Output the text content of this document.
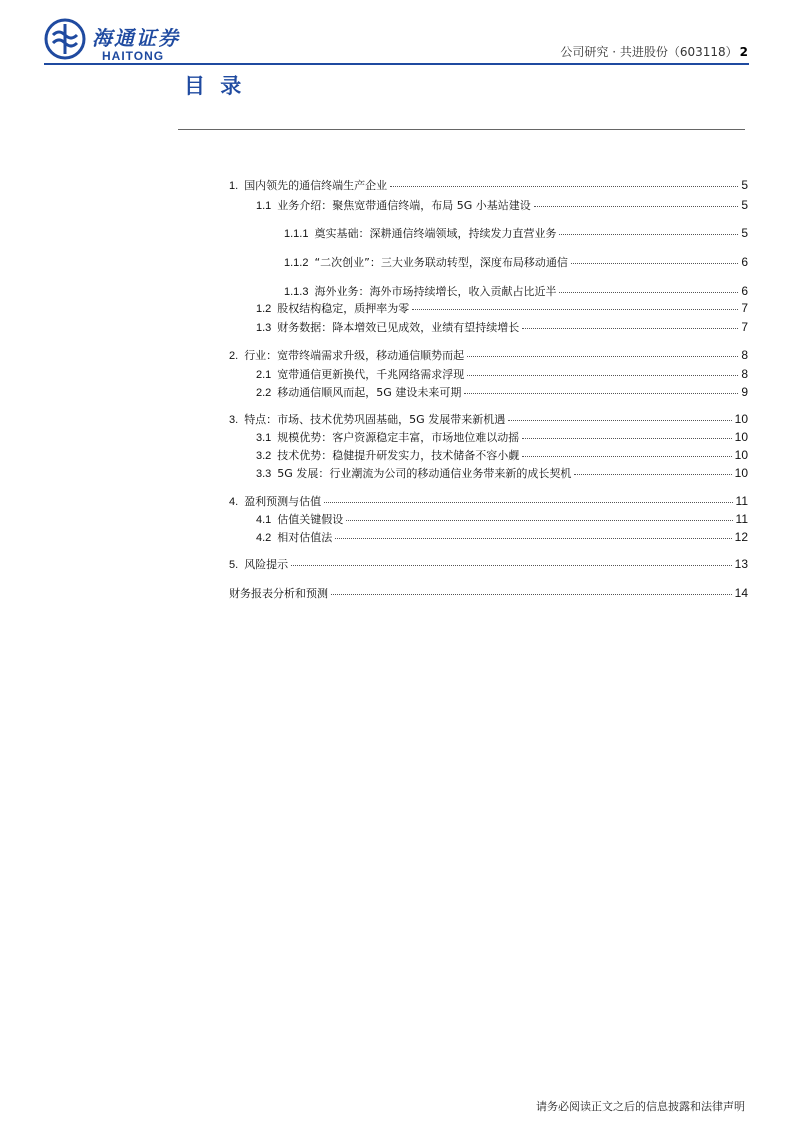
海通证券
HAITONG	公司研究 · 共进股份（603118） 2
目 录
1. 国内领先的通信终端生产企业	5
1.1 业务介绍：聚焦宽带通信终端，布局 5G 小基站建设	5
1.1.1 奠实基础：深耕通信终端领域，持续发力直营业务	5
1.1.2 “二次创业”：三大业务联动转型，深度布局移动通信	6
1.1.3 海外业务：海外市场持续增长，收入贡献占比近半	6
1.2 股权结构稳定，质押率为零	7
1.3 财务数据：降本增效已见成效，业绩有望持续增长	7
2. 行业：宽带终端需求升级，移动通信顺势而起	8
2.1 宽带通信更新换代，千兆网络需求浮现	8
2.2 移动通信顺风而起，5G 建设未来可期	9
3. 特点：市场、技术优势巩固基础，5G 发展带来新机遇	10
3.1 规模优势：客户资源稳定丰富，市场地位难以动摇	10
3.2 技术优势：稳健提升研发实力，技术储备不容小觑	10
3.3 5G 发展：行业潮流为公司的移动通信业务带来新的成长契机	10
4. 盈利预测与估值	11
4.1 估值关键假设	11
4.2 相对估值法	12
5. 风险提示	13
财务报表分析和预测	14
请务必阅读正文之后的信息披露和法律声明
